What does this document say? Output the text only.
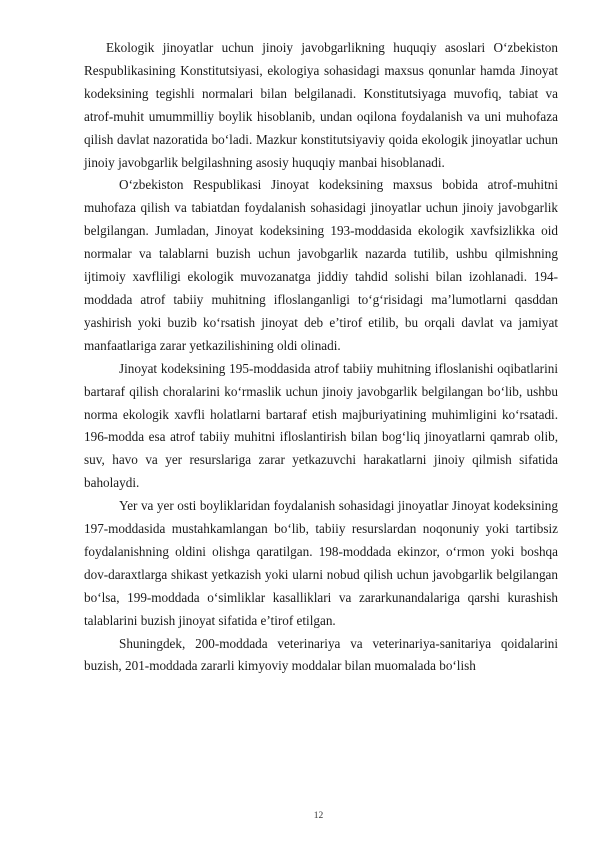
Ekologik jinoyatlar uchun jinoiy javobgarlikning huquqiy asoslari O‘zbekiston Respublikasining Konstitutsiyasi, ekologiya sohasidagi maxsus qonunlar hamda Jinoyat kodeksining tegishli normalari bilan belgilanadi. Konstitutsiyaga muvofiq, tabiat va atrof-muhit umummilliy boylik hisoblanib, undan oqilona foydalanish va uni muhofaza qilish davlat nazoratida bo‘ladi. Mazkur konstitutsiyaviy qoida ekologik jinoyatlar uchun jinoiy javobgarlik belgilashning asosiy huquqiy manbai hisoblanadi.

O‘zbekiston Respublikasi Jinoyat kodeksining maxsus bobida atrof-muhitni muhofaza qilish va tabiatdan foydalanish sohasidagi jinoyatlar uchun jinoiy javobgarlik belgilangan. Jumladan, Jinoyat kodeksining 193-moddasida ekologik xavfsizlikka oid normalar va talablarni buzish uchun javobgarlik nazarda tutilib, ushbu qilmishning ijtimoiy xavfliligi ekologik muvozanatga jiddiy tahdid solishi bilan izohlanadi. 194-moddada atrof tabiiy muhitning ifloslanganligi to‘g‘risidagi ma’lumotlarni qasddan yashirish yoki buzib ko‘rsatish jinoyat deb e’tirof etilib, bu orqali davlat va jamiyat manfaatlariga zarar yetkazilishining oldi olinadi.

Jinoyat kodeksining 195-moddasida atrof tabiiy muhitning ifloslanishi oqibatlarini bartaraf qilish choralarini ko‘rmaslik uchun jinoiy javobgarlik belgilangan bo‘lib, ushbu norma ekologik xavfli holatlarni bartaraf etish majburiyatining muhimligini ko‘rsatadi. 196-modda esa atrof tabiiy muhitni ifloslantirish bilan bog‘liq jinoyatlarni qamrab olib, suv, havo va yer resurslariga zarar yetkazuvchi harakatlarni jinoiy qilmish sifatida baholaydi.

Yer va yer osti boyliklaridan foydalanish sohasidagi jinoyatlar Jinoyat kodeksining 197-moddasida mustahkamlangan bo‘lib, tabiiy resurslardan noqonuniy yoki tartibsiz foydalanishning oldini olishga qaratilgan. 198-moddada ekinzor, o‘rmon yoki boshqa dov-daraxtlarga shikast yetkazish yoki ularni nobud qilish uchun javobgarlik belgilangan bo‘lsa, 199-moddada o‘simliklar kasalliklari va zararkunandalariga qarshi kurashish talablarini buzish jinoyat sifatida e’tirof etilgan.

Shuningdek, 200-moddada veterinariya va veterinariya-sanitariya qoidalarini buzish, 201-moddada zararli kimyoviy moddalar bilan muomalada bo‘lish

12
